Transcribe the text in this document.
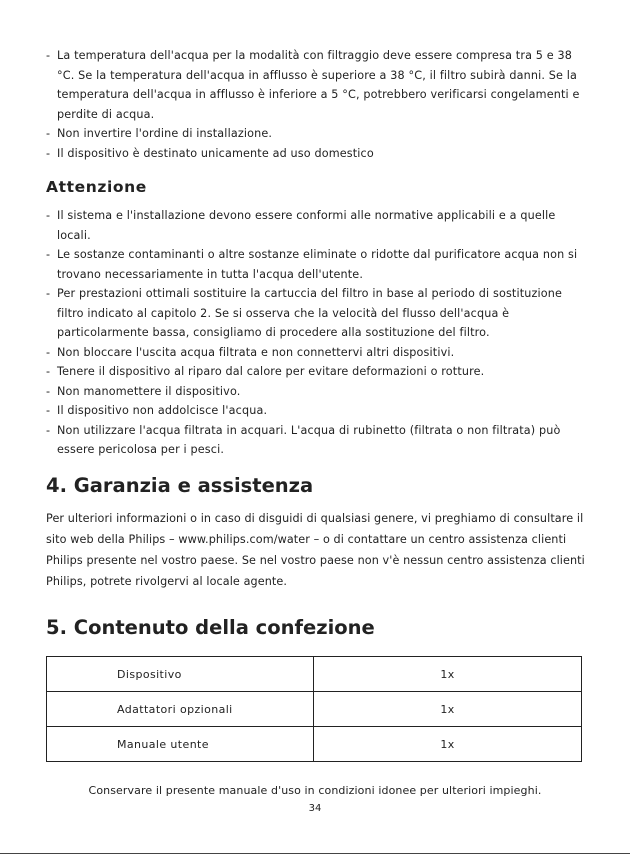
- La temperatura dell'acqua per la modalità con filtraggio deve essere compresa tra 5 e 38 °C. Se la temperatura dell'acqua in afflusso è superiore a 38 °C, il filtro subirà danni. Se la temperatura dell'acqua in afflusso è inferiore a 5 °C, potrebbero verificarsi congelamenti e perdite di acqua.
- Non invertire l'ordine di installazione.
- Il dispositivo è destinato unicamente ad uso domestico
Attenzione
- Il sistema e l'installazione devono essere conformi alle normative applicabili e a quelle locali.
- Le sostanze contaminanti o altre sostanze eliminate o ridotte dal purificatore acqua non si trovano necessariamente in tutta l'acqua dell'utente.
- Per prestazioni ottimali sostituire la cartuccia del filtro in base al periodo di sostituzione filtro indicato al capitolo 2. Se si osserva che la velocità del flusso dell'acqua è particolarmente bassa, consigliamo di procedere alla sostituzione del filtro.
- Non bloccare l'uscita acqua filtrata e non connettervi altri dispositivi.
- Tenere il dispositivo al riparo dal calore per evitare deformazioni o rotture.
- Non manomettere il dispositivo.
- Il dispositivo non addolcisce l'acqua.
- Non utilizzare l'acqua filtrata in acquari. L'acqua di rubinetto (filtrata o non filtrata) può essere pericolosa per i pesci.
4. Garanzia e assistenza

Per ulteriori informazioni o in caso di disguidi di qualsiasi genere, vi preghiamo di consultare il sito web della Philips – www.philips.com/water – o di contattare un centro assistenza clienti Philips presente nel vostro paese. Se nel vostro paese non v'è nessun centro assistenza clienti Philips, potrete rivolgervi al locale agente.

5. Contenuto della confezione
Dispositivo	1x
Adattatori opzionali	1x
Manuale utente	1x
Conservare il presente manuale d'uso in condizioni idonee per ulteriori impieghi.
34
